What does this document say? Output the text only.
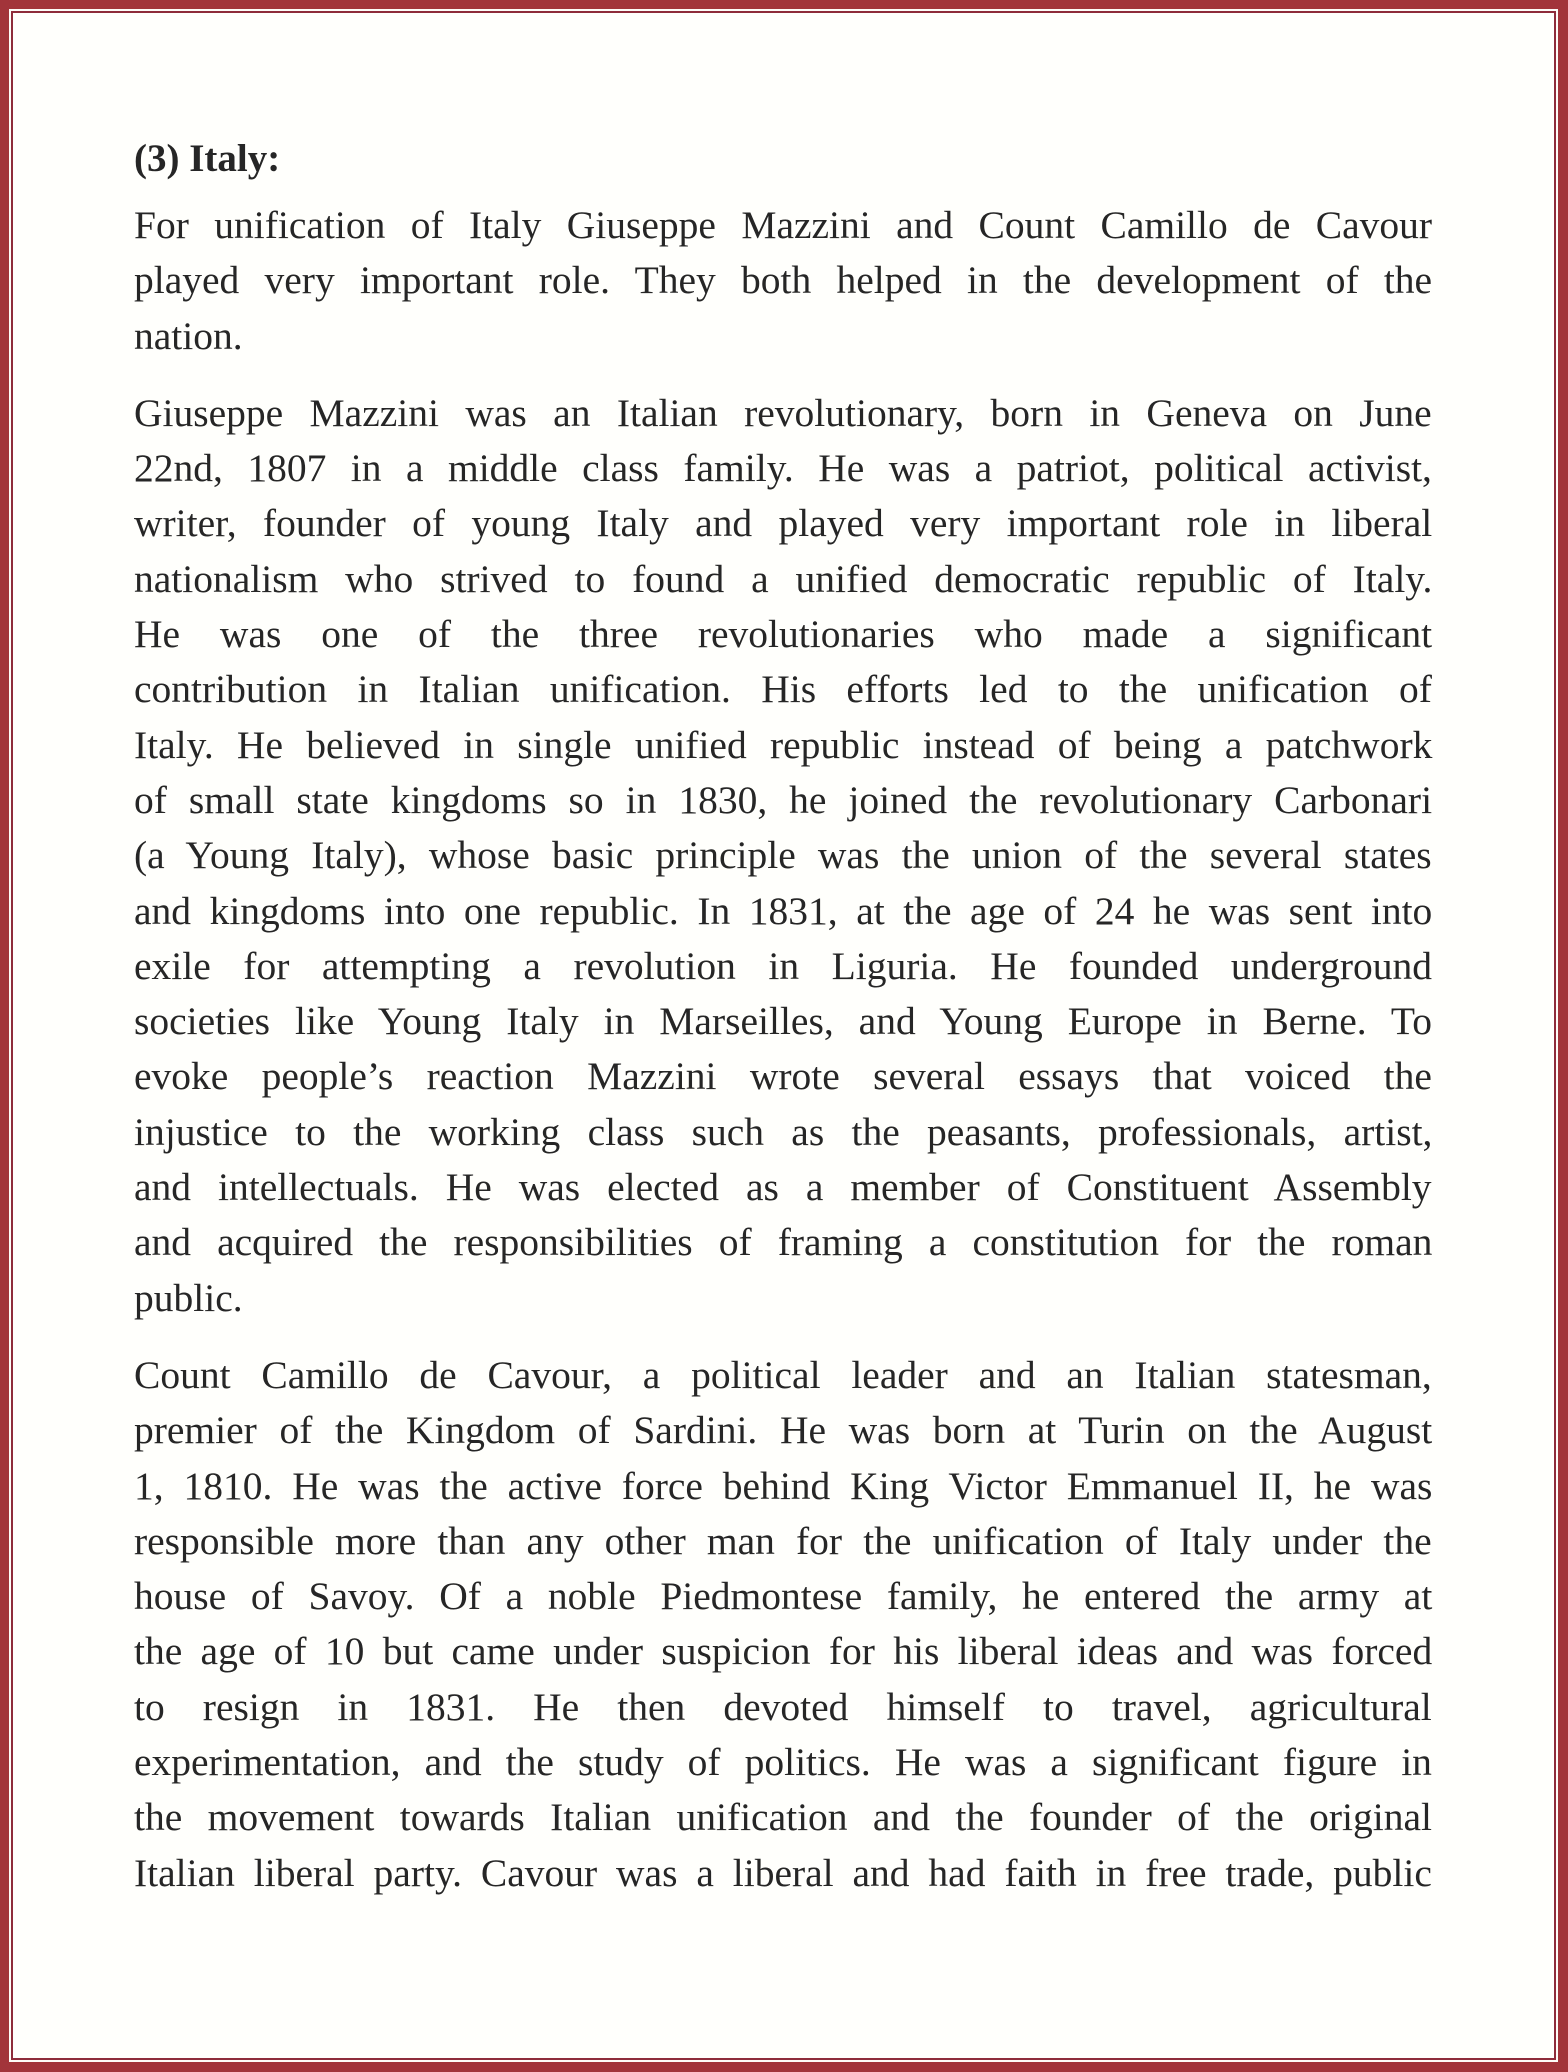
(3) Italy:
For unification of Italy Giuseppe Mazzini and Count Camillo de Cavour
played very important role. They both helped in the development of the
nation.
Giuseppe Mazzini was an Italian revolutionary, born in Geneva on June
22nd, 1807 in a middle class family. He was a patriot, political activist,
writer, founder of young Italy and played very important role in liberal
nationalism who strived to found a unified democratic republic of Italy.
He was one of the three revolutionaries who made a significant
contribution in Italian unification. His efforts led to the unification of
Italy. He believed in single unified republic instead of being a patchwork
of small state kingdoms so in 1830, he joined the revolutionary Carbonari
(a Young Italy), whose basic principle was the union of the several states
and kingdoms into one republic. In 1831, at the age of 24 he was sent into
exile for attempting a revolution in Liguria. He founded underground
societies like Young Italy in Marseilles, and Young Europe in Berne. To
evoke people’s reaction Mazzini wrote several essays that voiced the
injustice to the working class such as the peasants, professionals, artist,
and intellectuals. He was elected as a member of Constituent Assembly
and acquired the responsibilities of framing a constitution for the roman
public.
Count Camillo de Cavour, a political leader and an Italian statesman,
premier of the Kingdom of Sardini. He was born at Turin on the August
1, 1810. He was the active force behind King Victor Emmanuel II, he was
responsible more than any other man for the unification of Italy under the
house of Savoy. Of a noble Piedmontese family, he entered the army at
the age of 10 but came under suspicion for his liberal ideas and was forced
to resign in 1831. He then devoted himself to travel, agricultural
experimentation, and the study of politics. He was a significant figure in
the movement towards Italian unification and the founder of the original
Italian liberal party. Cavour was a liberal and had faith in free trade, public
